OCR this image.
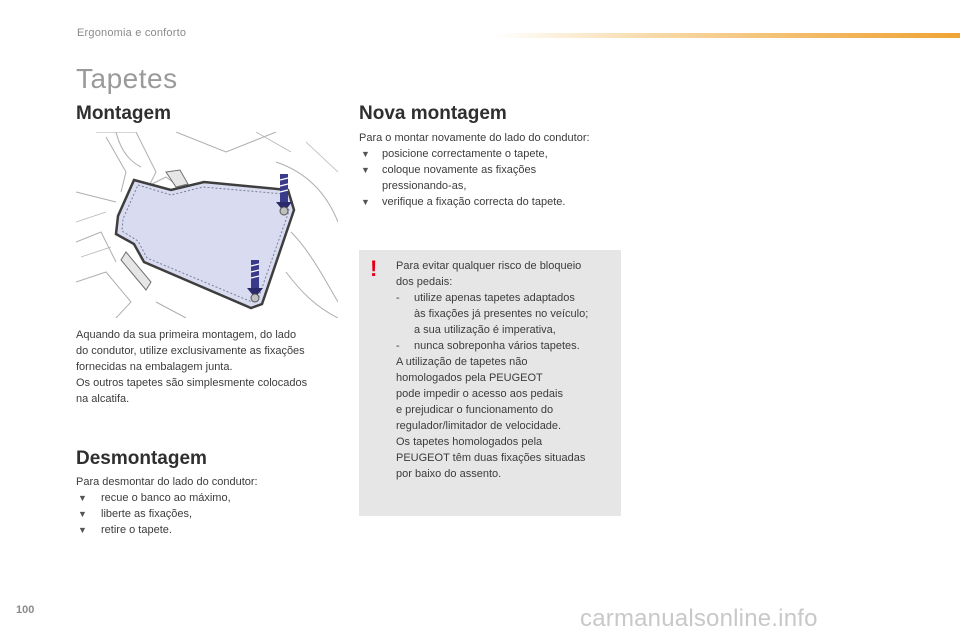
Ergonomia e conforto
Tapetes
Montagem
Aquando da sua primeira montagem, do lado
do condutor, utilize exclusivamente as fixações
fornecidas na embalagem junta.
Os outros tapetes são simplesmente colocados
na alcatifa.
Desmontagem
Para desmontar do lado do condutor:
▼ recue o banco ao máximo,
▼ liberte as fixações,
▼ retire o tapete.
Nova montagem
Para o montar novamente do lado do condutor:
▼ posicione correctamente o tapete,
▼ coloque novamente as fixações
pressionando-as,
▼ verifique a fixação correcta do tapete.
! Para evitar qualquer risco de bloqueio
dos pedais:
- utilize apenas tapetes adaptados
às fixações já presentes no veículo;
a sua utilização é imperativa,
- nunca sobreponha vários tapetes.
A utilização de tapetes não
homologados pela PEUGEOT
pode impedir o acesso aos pedais
e prejudicar o funcionamento do
regulador/limitador de velocidade.
Os tapetes homologados pela
PEUGEOT têm duas fixações situadas
por baixo do assento.
100	carmanualsonline.info
